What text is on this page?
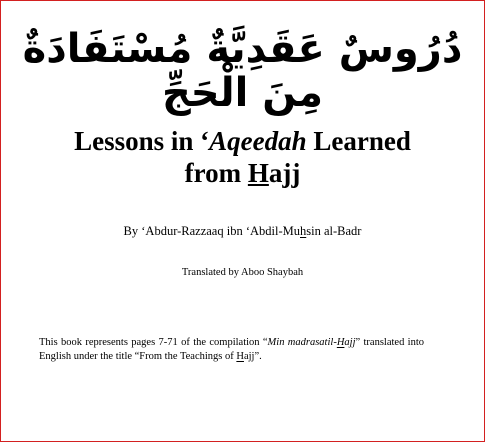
دُرُوسٌ عَقَدِيَّةٌ مُسْتَفَادَةٌ مِنَ الْحَجِّ
Lessons in ‘Aqeedah Learned
from Hajj
By ‘Abdur-Razzaaq ibn ‘Abdil-Muhsin al-Badr
Translated by Aboo Shaybah
This book represents pages 7-71 of the compilation “Min madrasatil-Hajj” translated into English under the title “From the Teachings of Hajj”.
